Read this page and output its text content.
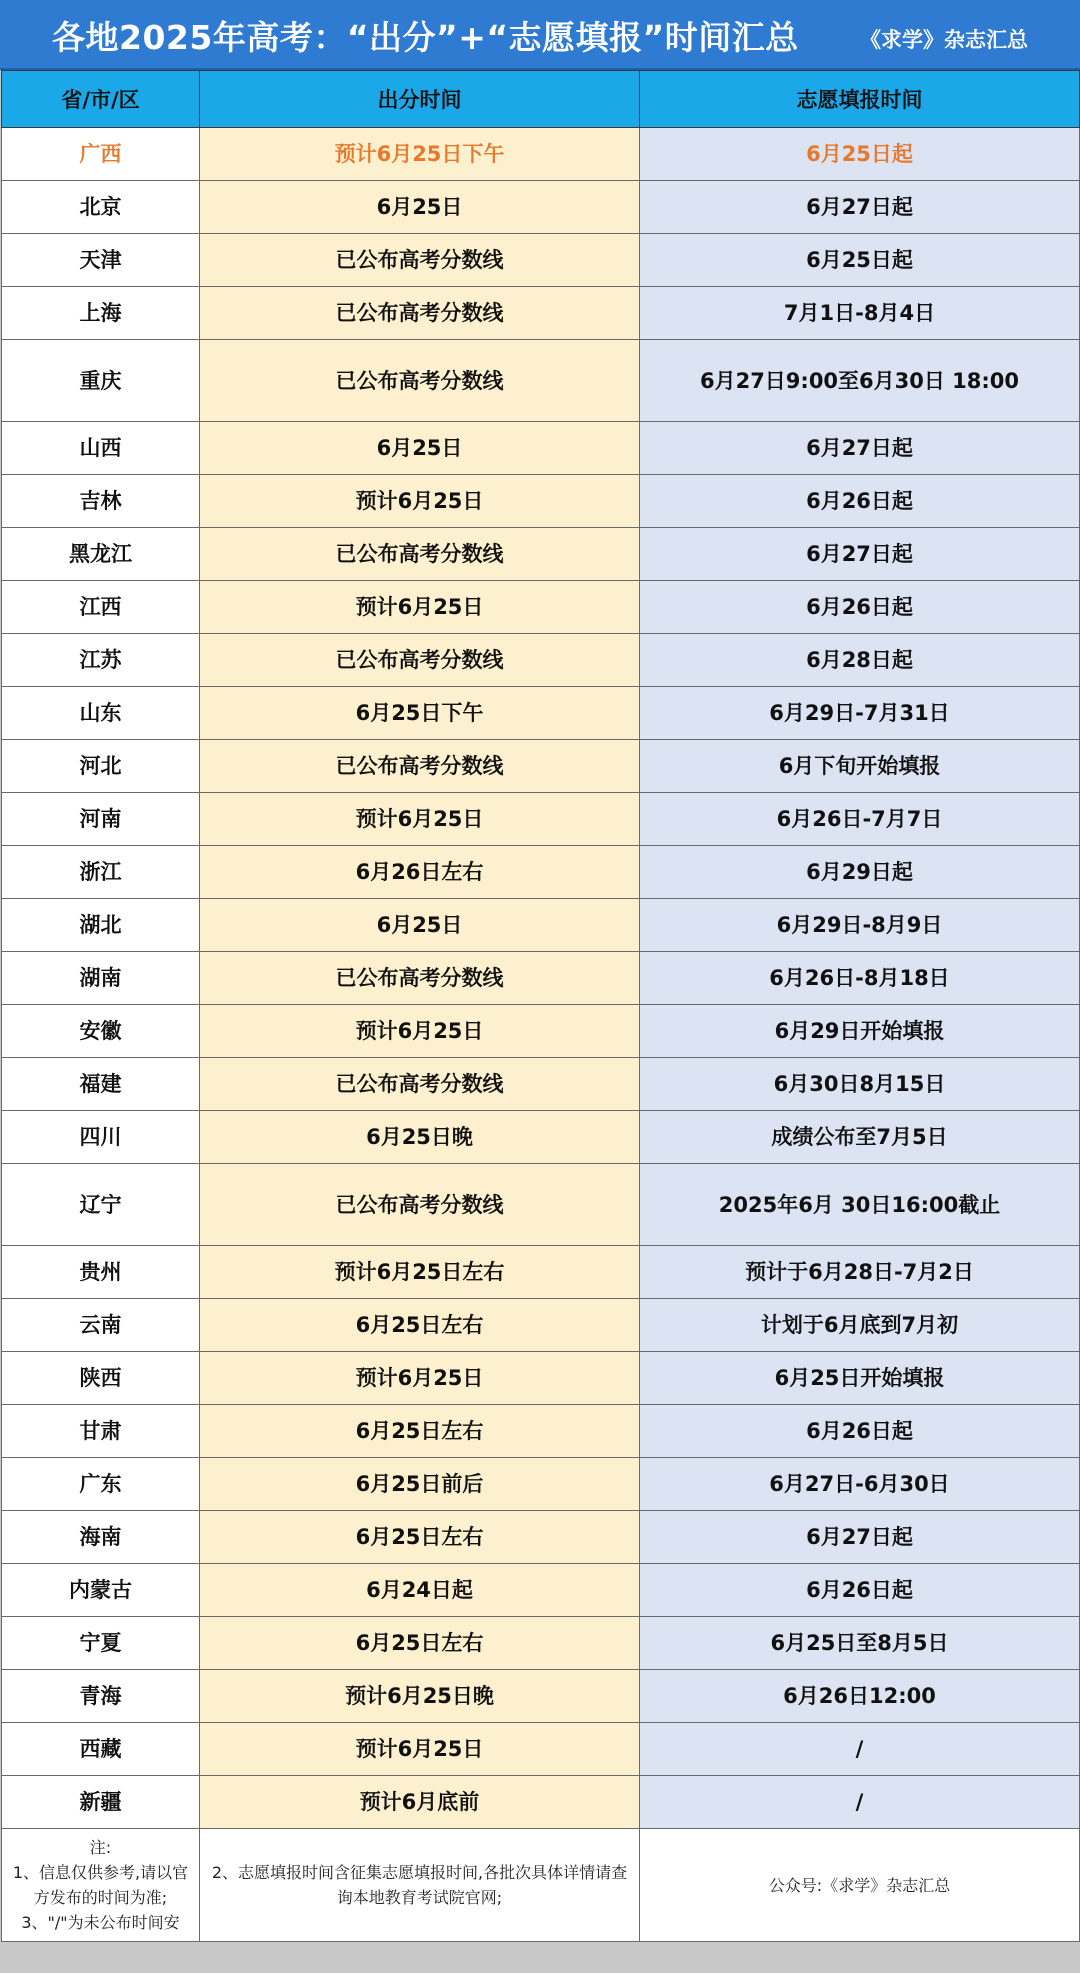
各地2025年高考：“出分”+“志愿填报”时间汇总	《求学》杂志汇总
省/市/区	出分时间	志愿填报时间
广西	预计6月25日下午	6月25日起
北京	6月25日	6月27日起
天津	已公布高考分数线	6月25日起
上海	已公布高考分数线	7月1日-8月4日
重庆	已公布高考分数线	6月27日9:00至6月30日 18:00
山西	6月25日	6月27日起
吉林	预计6月25日	6月26日起
黑龙江	已公布高考分数线	6月27日起
江西	预计6月25日	6月26日起
江苏	已公布高考分数线	6月28日起
山东	6月25日下午	6月29日-7月31日
河北	已公布高考分数线	6月下旬开始填报
河南	预计6月25日	6月26日-7月7日
浙江	6月26日左右	6月29日起
湖北	6月25日	6月29日-8月9日
湖南	已公布高考分数线	6月26日-8月18日
安徽	预计6月25日	6月29日开始填报
福建	已公布高考分数线	6月30日8月15日
四川	6月25日晚	成绩公布至7月5日
辽宁	已公布高考分数线	2025年6月 30日16:00截止
贵州	预计6月25日左右	预计于6月28日-7月2日
云南	6月25日左右	计划于6月底到7月初
陕西	预计6月25日	6月25日开始填报
甘肃	6月25日左右	6月26日起
广东	6月25日前后	6月27日-6月30日
海南	6月25日左右	6月27日起
内蒙古	6月24日起	6月26日起
宁夏	6月25日左右	6月25日至8月5日
青海	预计6月25日晚	6月26日12:00
西藏	预计6月25日	/
新疆	预计6月底前	/

注:
1、信息仅供参考,请以官方发布的时间为准;
3、"/"为未公布时间安	2、志愿填报时间含征集志愿填报时间,各批次具体详情请查询本地教育考试院官网;	公众号:《求学》杂志汇总
